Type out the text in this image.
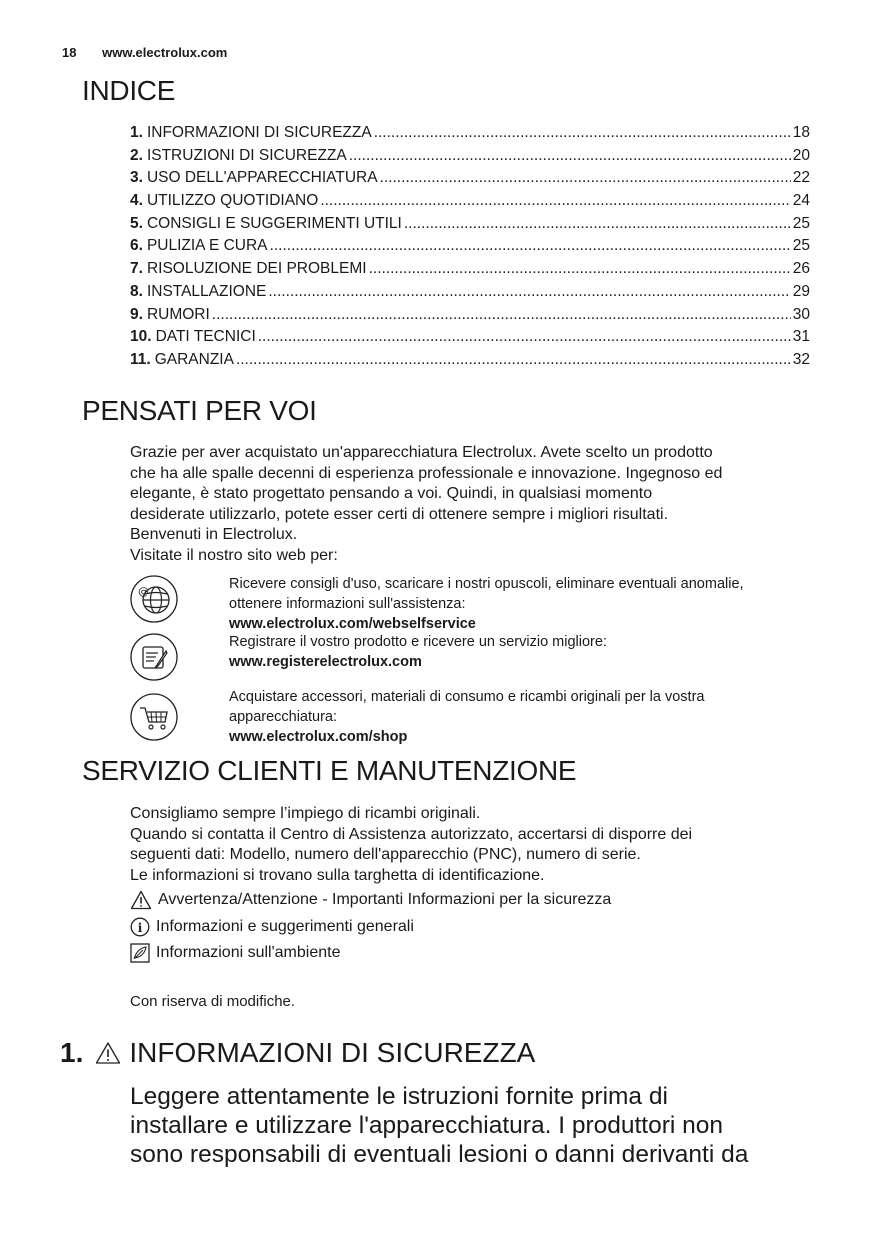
18 www.electrolux.com
INDICE
1. INFORMAZIONI DI SICUREZZA .....	18
2. ISTRUZIONI DI SICUREZZA .....	20
3. USO DELL'APPARECCHIATURA .....	22
4. UTILIZZO QUOTIDIANO .....	24
5. CONSIGLI E SUGGERIMENTI UTILI .....	25
6. PULIZIA E CURA .....	25
7. RISOLUZIONE DEI PROBLEMI .....	26
8. INSTALLAZIONE .....	29
9. RUMORI .....	30
10. DATI TECNICI .....	31
11. GARANZIA .....	32
PENSATI PER VOI

Grazie per aver acquistato un'apparecchiatura Electrolux. Avete scelto un prodotto

che ha alle spalle decenni di esperienza professionale e innovazione. Ingegnoso ed

elegante, è stato progettato pensando a voi. Quindi, in qualsiasi momento

desiderate utilizzarlo, potete esser certi di ottenere sempre i migliori risultati.

Benvenuti in Electrolux.

Visitate il nostro sito web per:

@	Ricevere consigli d'uso, scaricare i nostri opuscoli, eliminare eventuali anomalie,

ottenere informazioni sull'assistenza:

www.electrolux.com/webselfservice

Registrare il vostro prodotto e ricevere un servizio migliore:

www.registerelectrolux.com

Acquistare accessori, materiali di consumo e ricambi originali per la vostra

apparecchiatura:

www.electrolux.com/shop

SERVIZIO CLIENTI E MANUTENZIONE

Consigliamo sempre l’impiego di ricambi originali.

Quando si contatta il Centro di Assistenza autorizzato, accertarsi di disporre dei

seguenti dati: Modello, numero dell'apparecchio (PNC), numero di serie.

Le informazioni si trovano sulla targhetta di identificazione.

Avvertenza/Attenzione - Importanti Informazioni per la sicurezza
i Informazioni e suggerimenti generali
Informazioni sull'ambiente

Con riserva di modifiche.

1. INFORMAZIONI DI SICUREZZA

Leggere attentamente le istruzioni fornite prima di

installare e utilizzare l'apparecchiatura. I produttori non

sono responsabili di eventuali lesioni o danni derivanti da
